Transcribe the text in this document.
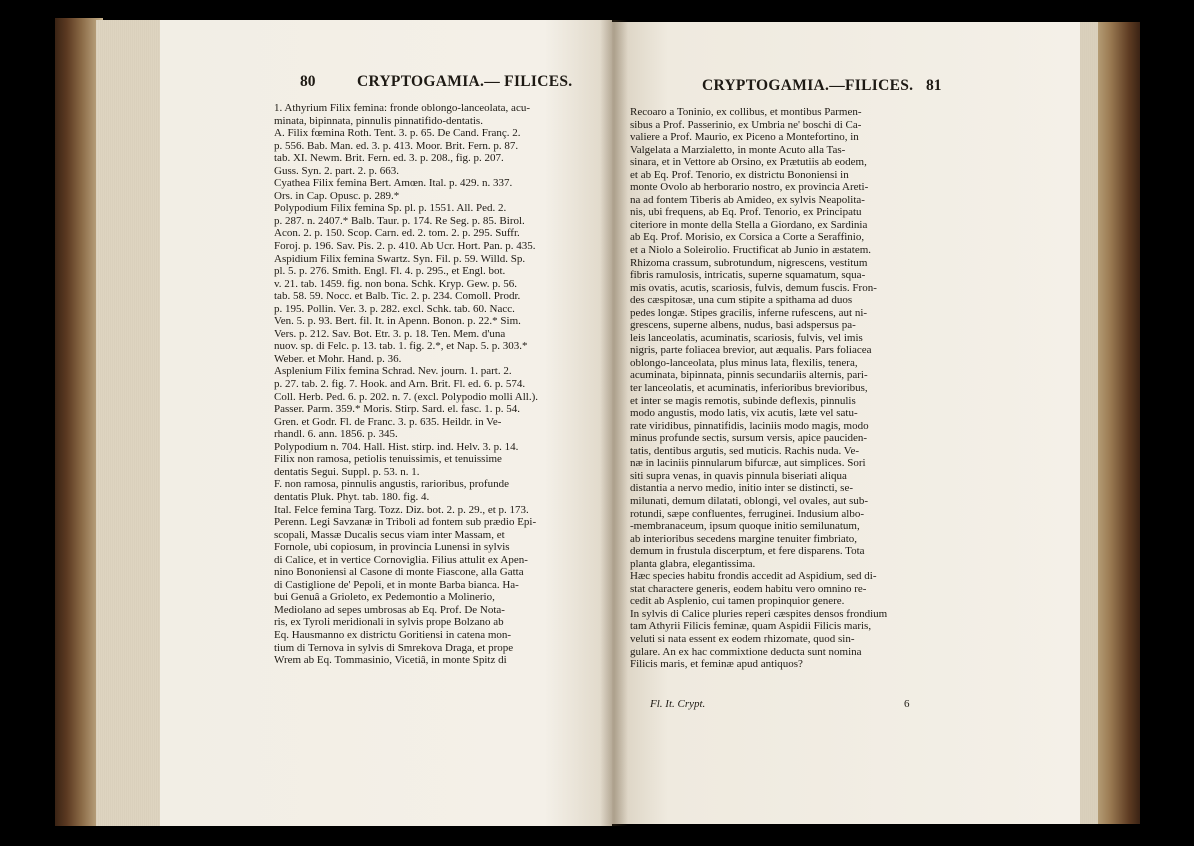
80	CRYPTOGAMIA.— FILICES.
1. Athyrium Filix femina: fronde oblongo-lanceolata, acu-
minata, bipinnata, pinnulis pinnatifido-dentatis.
A. Filix fœmina Roth. Tent. 3. p. 65. De Cand. Franç. 2.
p. 556. Bab. Man. ed. 3. p. 413. Moor. Brit. Fern. p. 87.
tab. XI. Newm. Brit. Fern. ed. 3. p. 208., fig. p. 207.
Guss. Syn. 2. part. 2. p. 663.
Cyathea Filix femina Bert. Amœn. Ital. p. 429. n. 337.
Ors. in Cap. Opusc. p. 289.*
Polypodium Filix femina Sp. pl. p. 1551. All. Ped. 2.
p. 287. n. 2407.* Balb. Taur. p. 174. Re Seg. p. 85. Birol.
Acon. 2. p. 150. Scop. Carn. ed. 2. tom. 2. p. 295. Suffr.
Foroj. p. 196. Sav. Pis. 2. p. 410. Ab Ucr. Hort. Pan. p. 435.
Aspidium Filix femina Swartz. Syn. Fil. p. 59. Willd. Sp.
pl. 5. p. 276. Smith. Engl. Fl. 4. p. 295., et Engl. bot.
v. 21. tab. 1459. fig. non bona. Schk. Kryp. Gew. p. 56.
tab. 58. 59. Nocc. et Balb. Tic. 2. p. 234. Comoll. Prodr.
p. 195. Pollin. Ver. 3. p. 282. excl. Schk. tab. 60. Nacc.
Ven. 5. p. 93. Bert. fil. It. in Apenn. Bonon. p. 22.* Sim.
Vers. p. 212. Sav. Bot. Etr. 3. p. 18. Ten. Mem. d'una
nuov. sp. di Felc. p. 13. tab. 1. fig. 2.*, et Nap. 5. p. 303.*
Weber. et Mohr. Hand. p. 36.
Asplenium Filix femina Schrad. Nev. journ. 1. part. 2.
p. 27. tab. 2. fig. 7. Hook. and Arn. Brit. Fl. ed. 6. p. 574.
Coll. Herb. Ped. 6. p. 202. n. 7. (excl. Polypodio molli All.).
Passer. Parm. 359.* Moris. Stirp. Sard. el. fasc. 1. p. 54.
Gren. et Godr. Fl. de Franc. 3. p. 635. Heildr. in Ve-
rhandl. 6. ann. 1856. p. 345.
Polypodium n. 704. Hall. Hist. stirp. ind. Helv. 3. p. 14.
Filix non ramosa, petiolis tenuissimis, et tenuissime
dentatis Segui. Suppl. p. 53. n. 1.
F. non ramosa, pinnulis angustis, rarioribus, profunde
dentatis Pluk. Phyt. tab. 180. fig. 4.
Ital. Felce femina Targ. Tozz. Diz. bot. 2. p. 29., et p. 173.
Perenn. Legi Savzanæ in Triboli ad fontem sub prædio Epi-
scopali, Massæ Ducalis secus viam inter Massam, et
Fornole, ubi copiosum, in provincia Lunensi in sylvis
di Calice, et in vertice Cornoviglia. Filius attulit ex Apen-
nino Bononiensi al Casone di monte Fiascone, alla Gatta
di Castiglione de' Pepoli, et in monte Barba bianca. Ha-
bui Genuâ a Grioleto, ex Pedemontio a Molinerio,
Mediolano ad sepes umbrosas ab Eq. Prof. De Nota-
ris, ex Tyroli meridionali in sylvis prope Bolzano ab
Eq. Hausmanno ex districtu Goritiensi in catena mon-
tium di Ternova in sylvis di Smrekova Draga, et prope
Wrem ab Eq. Tommasinio, Vicetiâ, in monte Spitz di
CRYPTOGAMIA.—FILICES. 81
Recoaro a Toninio, ex collibus, et montibus Parmen-
sibus a Prof. Passerinio, ex Umbria ne' boschi di Ca-
valiere a Prof. Maurio, ex Piceno a Montefortino, in
Valgelata a Marzialetto, in monte Acuto alla Tas-
sinara, et in Vettore ab Orsino, ex Prætutiis ab eodem,
et ab Eq. Prof. Tenorio, ex districtu Bononiensi in
monte Ovolo ab herborario nostro, ex provincia Areti-
na ad fontem Tiberis ab Amideo, ex sylvis Neapolita-
nis, ubi frequens, ab Eq. Prof. Tenorio, ex Principatu
citeriore in monte della Stella a Giordano, ex Sardinia
ab Eq. Prof. Morisio, ex Corsica a Corte a Seraffinio,
et a Niolo a Soleirolio. Fructificat ab Junio in æstatem.
Rhizoma crassum, subrotundum, nigrescens, vestitum
fibris ramulosis, intricatis, superne squamatum, squa-
mis ovatis, acutis, scariosis, fulvis, demum fuscis. Fron-
des cæspitosæ, una cum stipite a spithama ad duos
pedes longæ. Stipes gracilis, inferne rufescens, aut ni-
grescens, superne albens, nudus, basi adspersus pa-
leis lanceolatis, acuminatis, scariosis, fulvis, vel imis
nigris, parte foliacea brevior, aut æqualis. Pars foliacea
oblongo-lanceolata, plus minus lata, flexilis, tenera,
acuminata, bipinnata, pinnis secundariis alternis, pari-
ter lanceolatis, et acuminatis, inferioribus brevioribus,
et inter se magis remotis, subinde deflexis, pinnulis
modo angustis, modo latis, vix acutis, læte vel satu-
rate viridibus, pinnatifidis, laciniis modo magis, modo
minus profunde sectis, sursum versis, apice pauciden-
tatis, dentibus argutis, sed muticis. Rachis nuda. Ve-
næ in laciniis pinnularum bifurcæ, aut simplices. Sori
siti supra venas, in quavis pinnula biseriati aliqua
distantia a nervo medio, initio inter se distincti, se-
milunati, demum dilatati, oblongi, vel ovales, aut sub-
rotundi, sæpe confluentes, ferruginei. Indusium albo-
-membranaceum, ipsum quoque initio semilunatum,
ab interioribus secedens margine tenuiter fimbriato,
demum in frustula discerptum, et fere disparens. Tota
planta glabra, elegantissima.
Hæc species habitu frondis accedit ad Aspidium, sed di-
stat charactere generis, eodem habitu vero omnino re-
cedit ab Asplenio, cui tamen propinquior genere.
In sylvis di Calice pluries reperi cæspites densos frondium
tam Athyrii Filicis feminæ, quam Aspidii Filicis maris,
veluti si nata essent ex eodem rhizomate, quod sin-
gulare. An ex hac commixtione deducta sunt nomina
Filicis maris, et feminæ apud antiquos?
Fl. It. Crypt.	6
